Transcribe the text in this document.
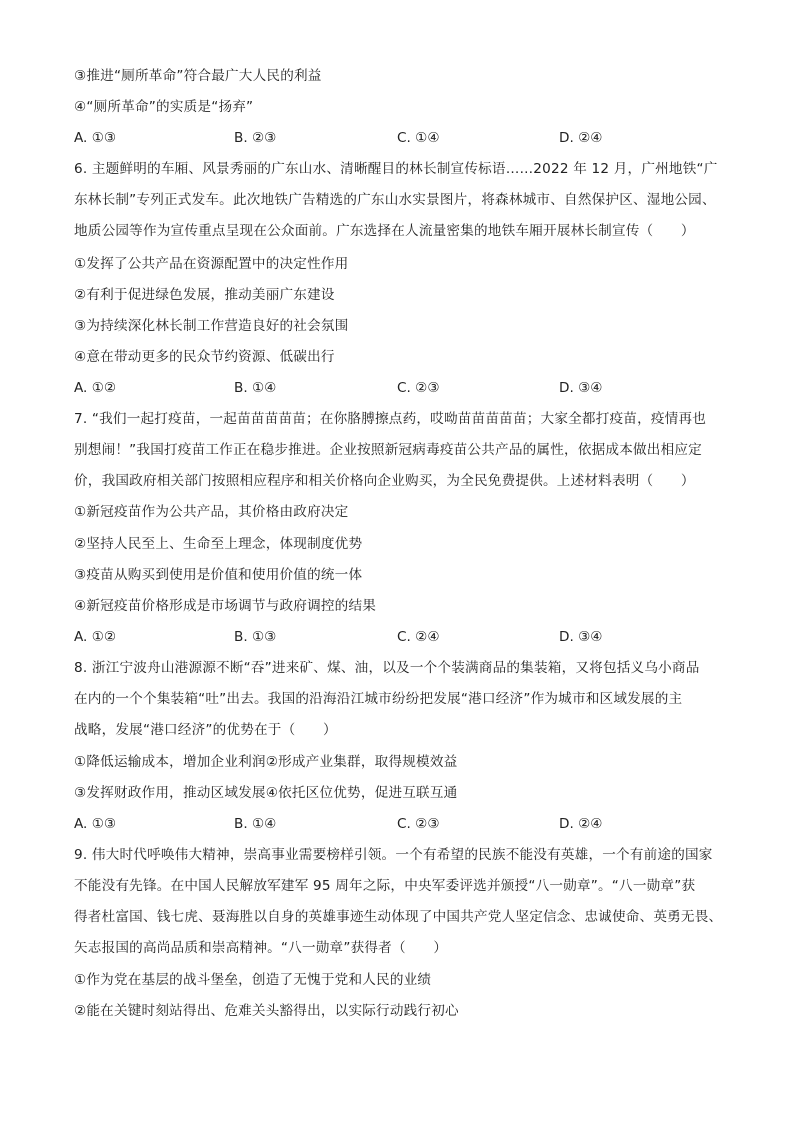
③推进“厕所革命”符合最广大人民的利益
④“厕所革命”的实质是“扬弃”
A. ①③	B. ②③	C. ①④	D. ②④
6. 主题鲜明的车厢、风景秀丽的广东山水、清晰醒目的林长制宣传标语……2022 年 12 月，广州地铁“广
东林长制”专列正式发车。此次地铁广告精选的广东山水实景图片，将森林城市、自然保护区、湿地公园、
地质公园等作为宣传重点呈现在公众面前。广东选择在人流量密集的地铁车厢开展林长制宣传（　　）
①发挥了公共产品在资源配置中的决定性作用
②有利于促进绿色发展，推动美丽广东建设
③为持续深化林长制工作营造良好的社会氛围
④意在带动更多的民众节约资源、低碳出行
A. ①②	B. ①④	C. ②③	D. ③④
7. “我们一起打疫苗，一起苗苗苗苗苗；在你胳膊擦点药，哎呦苗苗苗苗苗；大家全都打疫苗，疫情再也
别想闹！”我国打疫苗工作正在稳步推进。企业按照新冠病毒疫苗公共产品的属性，依据成本做出相应定
价，我国政府相关部门按照相应程序和相关价格向企业购买，为全民免费提供。上述材料表明（　　）
①新冠疫苗作为公共产品，其价格由政府决定
②坚持人民至上、生命至上理念，体现制度优势
③疫苗从购买到使用是价值和使用价值的统一体
④新冠疫苗价格形成是市场调节与政府调控的结果
A. ①②	B. ①③	C. ②④	D. ③④
8. 浙江宁波舟山港源源不断“吞”进来矿、煤、油，以及一个个装满商品的集装箱，又将包括义乌小商品
在内的一个个集装箱“吐”出去。我国的沿海沿江城市纷纷把发展“港口经济”作为城市和区域发展的主
战略，发展“港口经济”的优势在于（　　）
①降低运输成本，增加企业利润②形成产业集群，取得规模效益
③发挥财政作用，推动区域发展④依托区位优势，促进互联互通
A. ①③	B. ①④	C. ②③	D. ②④
9. 伟大时代呼唤伟大精神，崇高事业需要榜样引领。一个有希望的民族不能没有英雄，一个有前途的国家
不能没有先锋。在中国人民解放军建军 95 周年之际，中央军委评选并颁授“八一勋章”。“八一勋章”获
得者杜富国、钱七虎、聂海胜以自身的英雄事迹生动体现了中国共产党人坚定信念、忠诚使命、英勇无畏、
矢志报国的高尚品质和崇高精神。“八一勋章”获得者（　　）
①作为党在基层的战斗堡垒，创造了无愧于党和人民的业绩
②能在关键时刻站得出、危难关头豁得出，以实际行动践行初心
